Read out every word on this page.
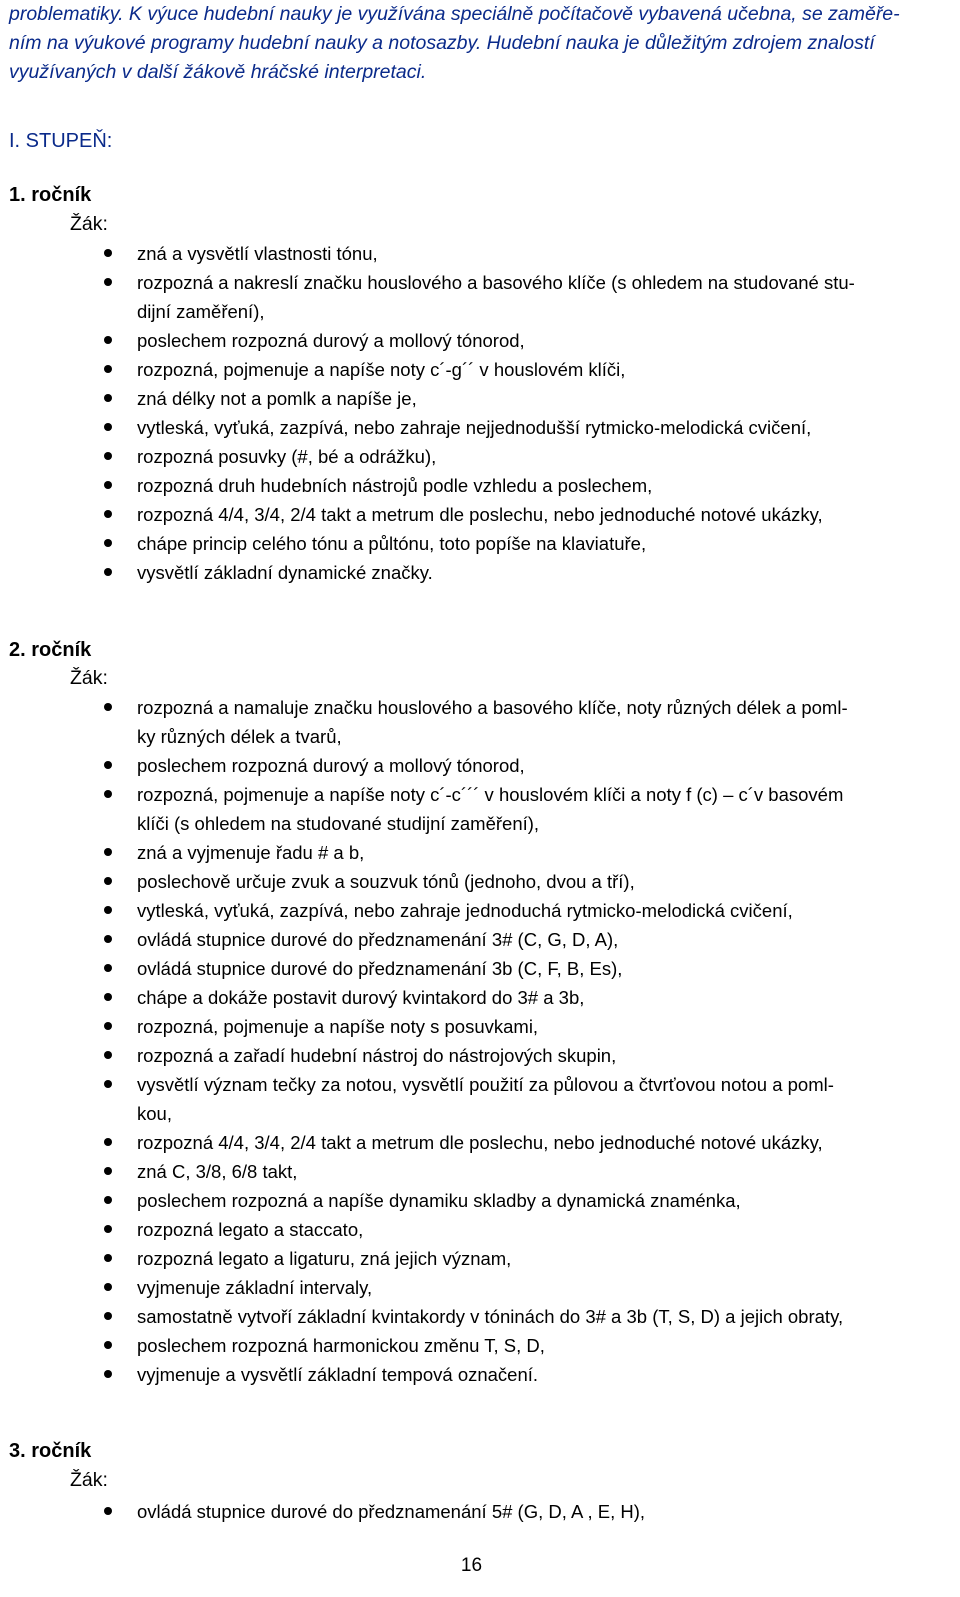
problematiky. K výuce hudební nauky je využívána speciálně počítačově vybavená učebna, se zaměře-
ním na výukové programy hudební nauky a notosazby. Hudební nauka je důležitým zdrojem znalostí
využívaných v další žákově hráčské interpretaci.
I. STUPEŇ:
1. ročník
Žák:
zná a vysvětlí vlastnosti tónu,
rozpozná a nakreslí značku houslového a basového klíče (s ohledem na studované stu-
dijní zaměření),
poslechem rozpozná durový a mollový tónorod,
rozpozná, pojmenuje a napíše noty c´-g´´ v houslovém klíči,
zná délky not a pomlk a napíše je,
vytleská, vyťuká, zazpívá, nebo zahraje nejjednodušší rytmicko-melodická cvičení,
rozpozná posuvky (#, bé a odrážku),
rozpozná druh hudebních nástrojů podle vzhledu a poslechem,
rozpozná 4/4, 3/4, 2/4 takt a metrum dle poslechu, nebo jednoduché notové ukázky,
chápe princip celého tónu a půltónu, toto popíše na klaviatuře,
vysvětlí základní dynamické značky.
2. ročník
Žák:
rozpozná a namaluje značku houslového a basového klíče, noty různých délek a poml-
ky různých délek a tvarů,
poslechem rozpozná durový a mollový tónorod,
rozpozná, pojmenuje a napíše noty c´-c´´´ v houslovém klíči a noty f (c) – c´v basovém
klíči (s ohledem na studované studijní zaměření),
zná a vyjmenuje řadu # a b,
poslechově určuje zvuk a souzvuk tónů (jednoho, dvou a tří),
vytleská, vyťuká, zazpívá, nebo zahraje jednoduchá rytmicko-melodická cvičení,
ovládá stupnice durové do předznamenání 3# (C, G, D, A),
ovládá stupnice durové do předznamenání 3b (C, F, B, Es),
chápe a dokáže postavit durový kvintakord do 3# a 3b,
rozpozná, pojmenuje a napíše noty s posuvkami,
rozpozná a zařadí hudební nástroj do nástrojových skupin,
vysvětlí význam tečky za notou, vysvětlí použití za půlovou a čtvrťovou notou a poml-
kou,
rozpozná 4/4, 3/4, 2/4 takt a metrum dle poslechu, nebo jednoduché notové ukázky,
zná C, 3/8, 6/8 takt,
poslechem rozpozná a napíše dynamiku skladby a dynamická znaménka,
rozpozná legato a staccato,
rozpozná legato a ligaturu, zná jejich význam,
vyjmenuje základní intervaly,
samostatně vytvoří základní kvintakordy v tóninách do 3# a 3b (T, S, D) a jejich obraty,
poslechem rozpozná harmonickou změnu T, S, D,
vyjmenuje a vysvětlí základní tempová označení.
3. ročník
Žák:
ovládá stupnice durové do předznamenání 5# (G, D, A , E, H),
16
